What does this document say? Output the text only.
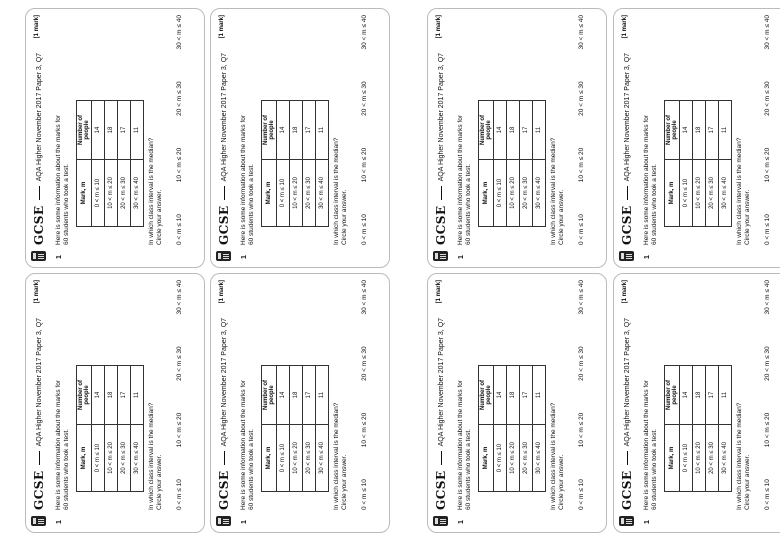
GCSE
AQA Higher November 2017 Paper 3, Q7
[1 mark]
1
Here is some information about the marks for 60 students who took a test. Mark, m	Number of people
0 < m ≤ 10	14
10 < m ≤ 20	18
20 < m ≤ 30	17
30 < m ≤ 40	11
In which class interval is the median? Circle your answer. 0 < m ≤ 10
10 < m ≤ 20
20 < m ≤ 30
30 < m ≤ 40
GCSE
AQA Higher November 2017 Paper 3, Q7
[1 mark]
1
Here is some information about the marks for 60 students who took a test. Mark, m	Number of people
0 < m ≤ 10	14
10 < m ≤ 20	18
20 < m ≤ 30	17
30 < m ≤ 40	11
In which class interval is the median? Circle your answer. 0 < m ≤ 10
10 < m ≤ 20
20 < m ≤ 30
30 < m ≤ 40
GCSE
AQA Higher November 2017 Paper 3, Q7
[1 mark]
1
Here is some information about the marks for 60 students who took a test. Mark, m	Number of people
0 < m ≤ 10	14
10 < m ≤ 20	18
20 < m ≤ 30	17
30 < m ≤ 40	11
In which class interval is the median? Circle your answer. 0 < m ≤ 10
10 < m ≤ 20
20 < m ≤ 30
30 < m ≤ 40
GCSE
AQA Higher November 2017 Paper 3, Q7
[1 mark]
1
Here is some information about the marks for 60 students who took a test. Mark, m	Number of people
0 < m ≤ 10	14
10 < m ≤ 20	18
20 < m ≤ 30	17
30 < m ≤ 40	11
In which class interval is the median? Circle your answer. 0 < m ≤ 10
10 < m ≤ 20
20 < m ≤ 30
30 < m ≤ 40
GCSE
AQA Higher November 2017 Paper 3, Q7
[1 mark]
1
Here is some information about the marks for 60 students who took a test. Mark, m	Number of people
0 < m ≤ 10	14
10 < m ≤ 20	18
20 < m ≤ 30	17
30 < m ≤ 40	11
In which class interval is the median? Circle your answer. 0 < m ≤ 10
10 < m ≤ 20
20 < m ≤ 30
30 < m ≤ 40
GCSE
AQA Higher November 2017 Paper 3, Q7
[1 mark]
1
Here is some information about the marks for 60 students who took a test. Mark, m	Number of people
0 < m ≤ 10	14
10 < m ≤ 20	18
20 < m ≤ 30	17
30 < m ≤ 40	11
In which class interval is the median? Circle your answer. 0 < m ≤ 10
10 < m ≤ 20
20 < m ≤ 30
30 < m ≤ 40
GCSE
AQA Higher November 2017 Paper 3, Q7
[1 mark]
1
Here is some information about the marks for 60 students who took a test. Mark, m	Number of people
0 < m ≤ 10	14
10 < m ≤ 20	18
20 < m ≤ 30	17
30 < m ≤ 40	11
In which class interval is the median? Circle your answer. 0 < m ≤ 10
10 < m ≤ 20
20 < m ≤ 30
30 < m ≤ 40
GCSE
AQA Higher November 2017 Paper 3, Q7
[1 mark]
1
Here is some information about the marks for 60 students who took a test. Mark, m	Number of people
0 < m ≤ 10	14
10 < m ≤ 20	18
20 < m ≤ 30	17
30 < m ≤ 40	11
In which class interval is the median? Circle your answer. 0 < m ≤ 10
10 < m ≤ 20
20 < m ≤ 30
30 < m ≤ 40
